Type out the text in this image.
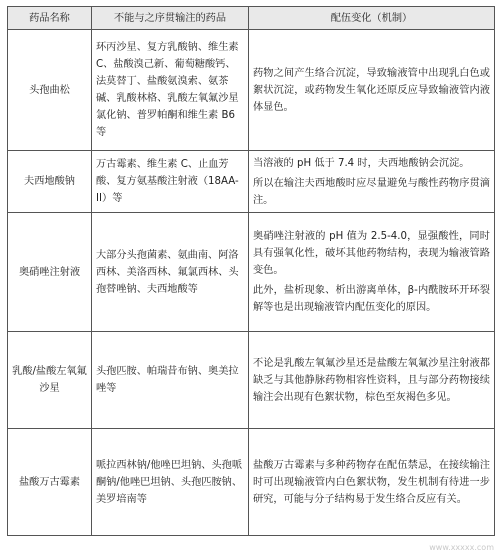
药品名称	不能与之序贯输注的药品	配伍变化（机制）
头孢曲松	环丙沙星、复方乳酸钠、维生素C、盐酸溴己新、葡萄糖酸钙、法莫替丁、盐酸氨溴索、氨茶碱、乳酸林格、乳酸左氧氟沙星氯化钠、普罗帕酮和维生素 B6 等	药物之间产生络合沉淀，导致输液管中出现乳白色或絮状沉淀，或药物发生氧化还原反应导致输液管内液体显色。

夫西地酸钠	万古霉素、维生素 C、止血芳酸、复方氨基酸注射液（18AA-II）等	当溶液的 pH 低于 7.4 时，夫西地酸钠会沉淀。

所以在输注夫西地酸时应尽量避免与酸性药物序贯滴注。

奥硝唑注射液	大部分头孢菌素、氨曲南、阿洛西林、美洛西林、氟氯西林、头孢替唑钠、夫西地酸等	奥硝唑注射液的 pH 值为 2.5-4.0，显强酸性，同时具有强氧化性，破坏其他药物结构，表现为输液管路变色。

此外，盐析现象、析出游离单体，β-内酰胺环开环裂解等也是出现输液管内配伍变化的原因。

乳酸/盐酸左氧氟沙星	头孢匹胺、帕瑞昔布钠、奥美拉唑等	不论是乳酸左氧氟沙星还是盐酸左氧氟沙星注射液都缺乏与其他静脉药物相容性资料，且与部分药物接续输注会出现有色絮状物，棕色至灰褐色多见。

盐酸万古霉素	哌拉西林钠/他唑巴坦钠、头孢哌酮钠/他唑巴坦钠、头孢匹胺钠、美罗培南等	盐酸万古霉素与多种药物存在配伍禁忌，在接续输注时可出现输液管内白色絮状物，发生机制有待进一步研究，可能与分子结构易于发生络合反应有关。

www.xxxxx.com
